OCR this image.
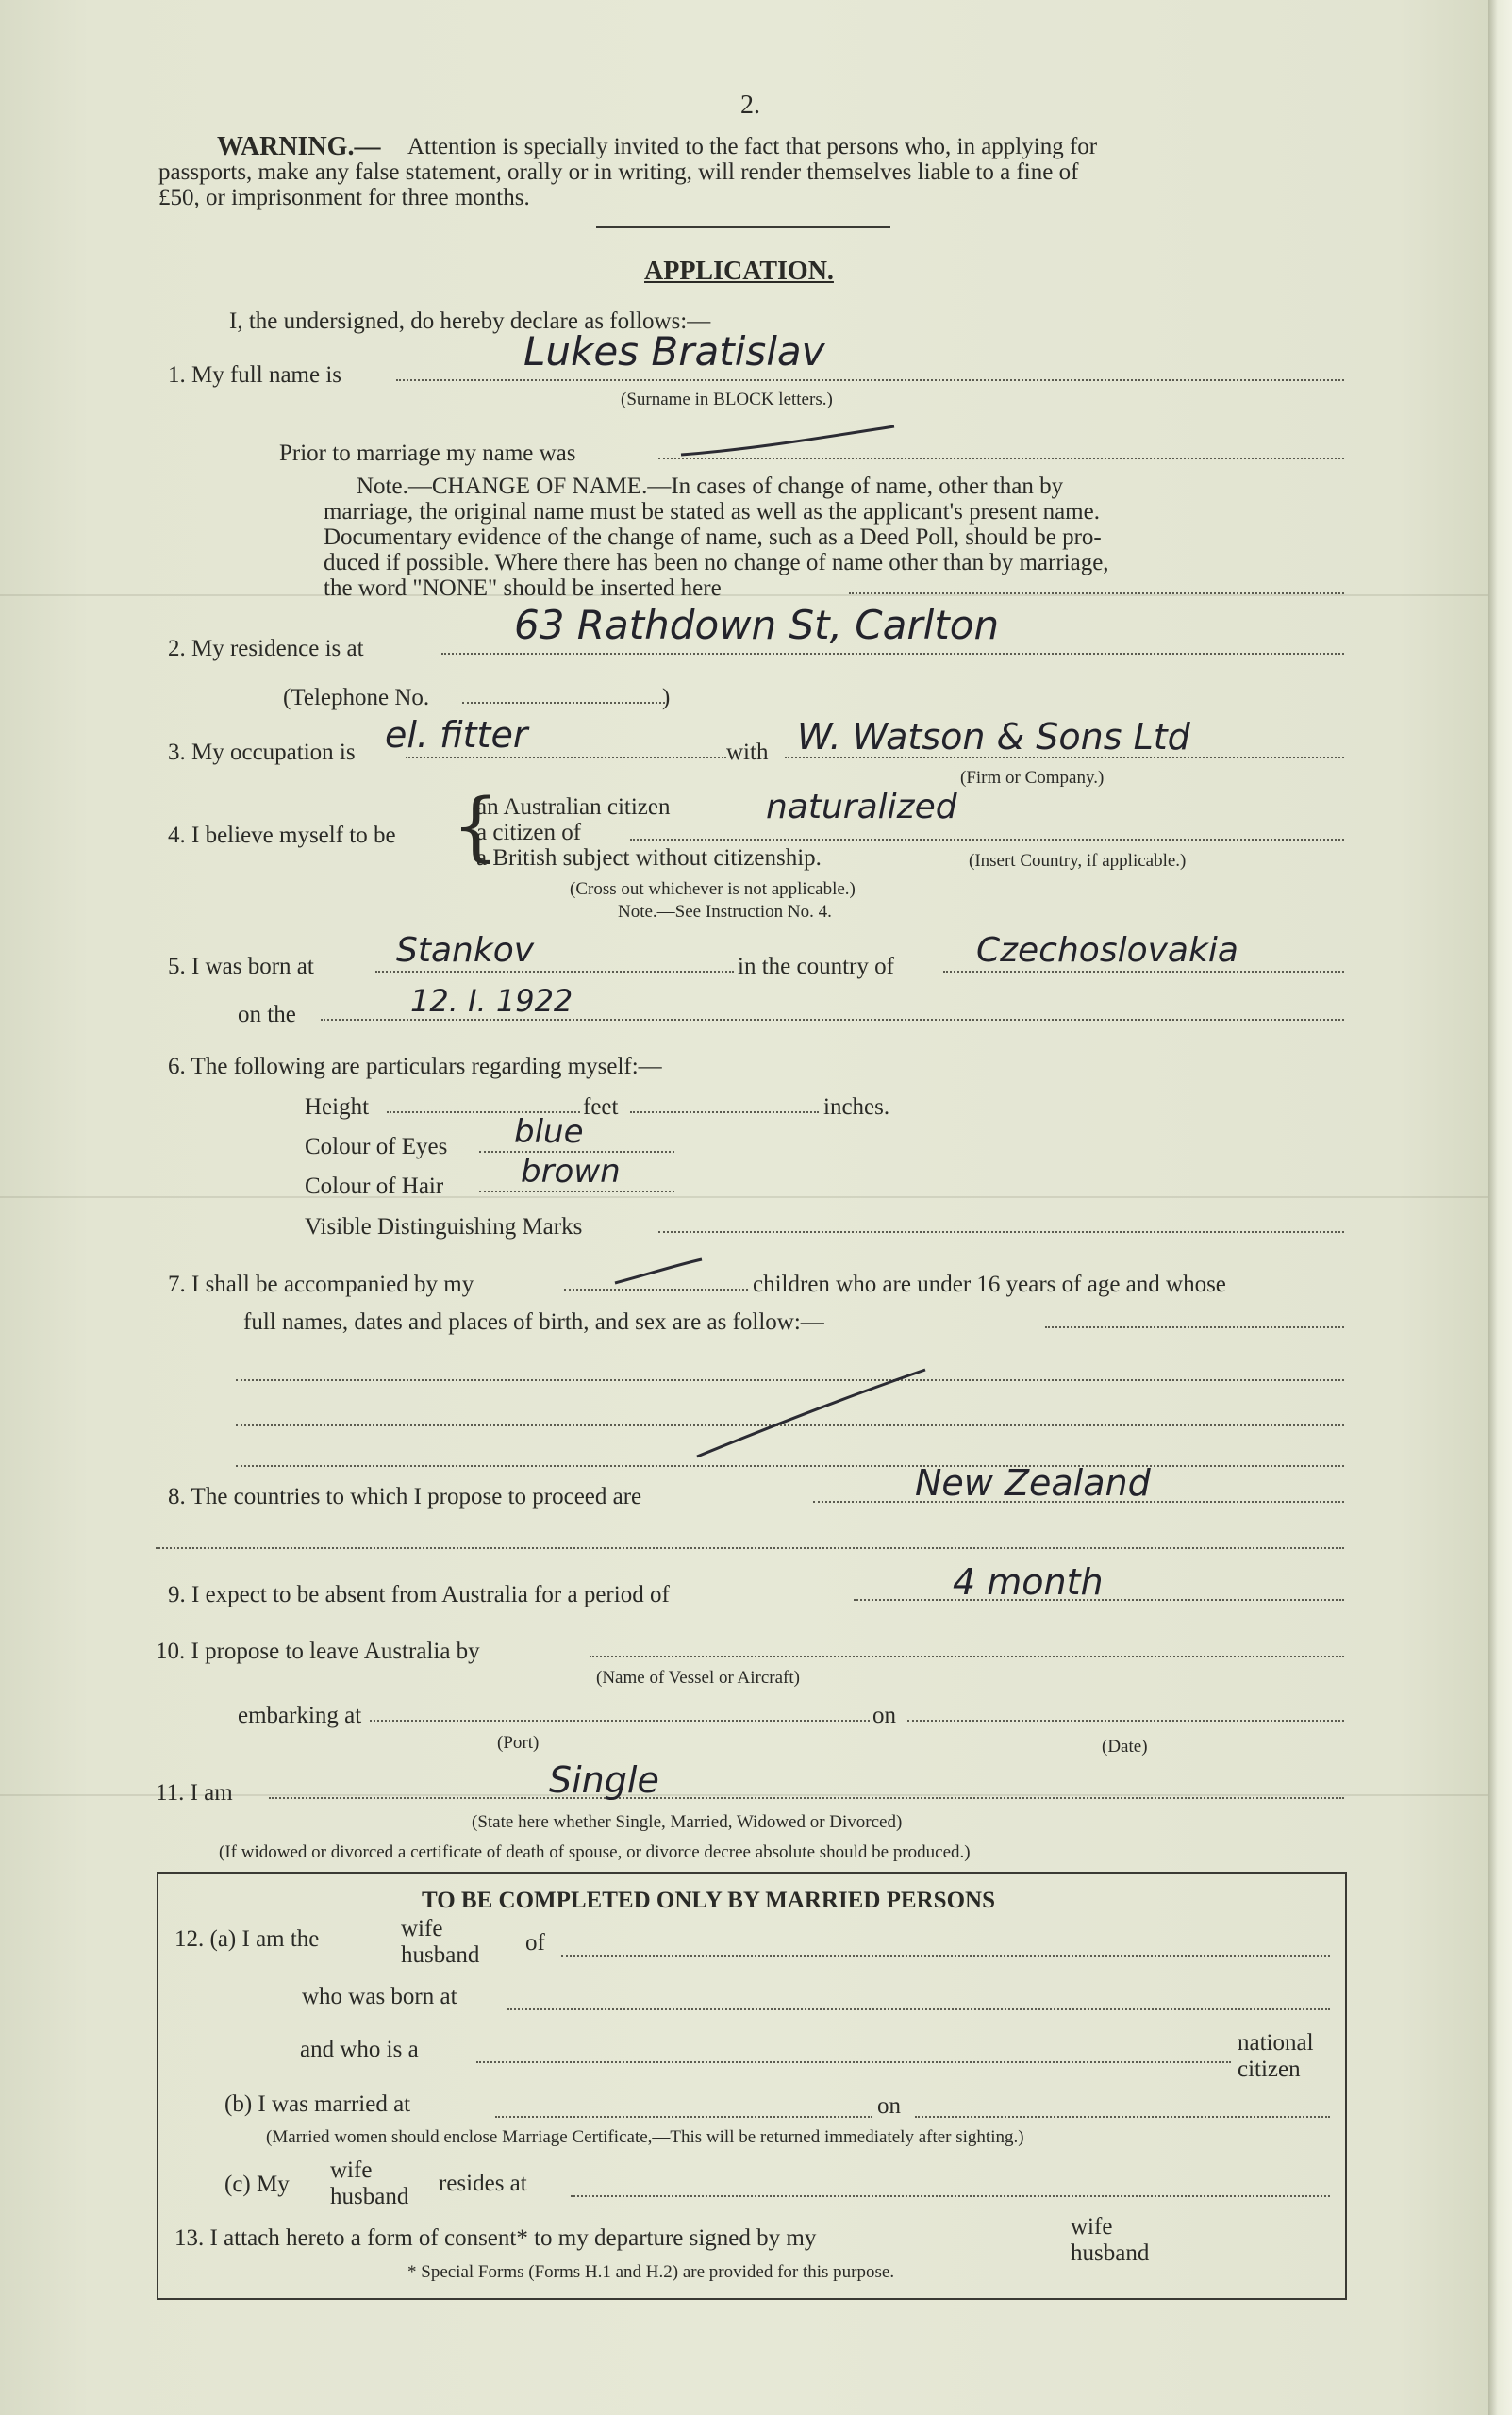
2.
WARNING.— Attention is specially invited to the fact that persons who, in applying for
passports, make any false statement, orally or in writing, will render themselves liable to a fine of
£50, or imprisonment for three months.
APPLICATION.
I, the undersigned, do hereby declare as follows:—
1. My full name is
Lukes Bratislav
(Surname in BLOCK letters.)
Prior to marriage my name was
Note.—CHANGE OF NAME.—In cases of change of name, other than by
marriage, the original name must be stated as well as the applicant's present name.
Documentary evidence of the change of name, such as a Deed Poll, should be pro-
duced if possible. Where there has been no change of name other than by marriage,
the word "NONE" should be inserted here
2. My residence is at
63 Rathdown St, Carlton
(Telephone No.	)
3. My occupation is el. fitter	with W. Watson & Sons Ltd
(Firm or Company.)
4. I believe myself to be {
an Australian citizen
a citizen of
naturalized
a British subject without citizenship.	(Insert Country, if applicable.)
(Cross out whichever is not applicable.)
Note.—See Instruction No. 4.
5. I was born at Stankov	in the country of Czechoslovakia
on the	12. I. 1922
6. The following are particulars regarding myself:—
Height	feet	inches.
Colour of Eyes blue
Colour of Hair brown
Visible Distinguishing Marks
7. I shall be accompanied by my	children who are under 16 years of age and whose
full names, dates and places of birth, and sex are as follow:—
8. The countries to which I propose to proceed are	New Zealand
9. I expect to be absent from Australia for a period of	4 month
10. I propose to leave Australia by
(Name of Vessel or Aircraft)
embarking at	on
(Port)	(Date)
11. I am	Single
(State here whether Single, Married, Widowed or Divorced)
(If widowed or divorced a certificate of death of spouse, or divorce decree absolute should be produced.)
TO BE COMPLETED ONLY BY MARRIED PERSONS
12. (a) I am the	wife
husband of
who was born at
and who is a	national
citizen
(b) I was married at	on
(Married women should enclose Marriage Certificate,—This will be returned immediately after sighting.)
(c) My
wife
husband
resides at
13. I attach hereto a form of consent* to my departure signed by my	wife
husband
* Special Forms (Forms H.1 and H.2) are provided for this purpose.
